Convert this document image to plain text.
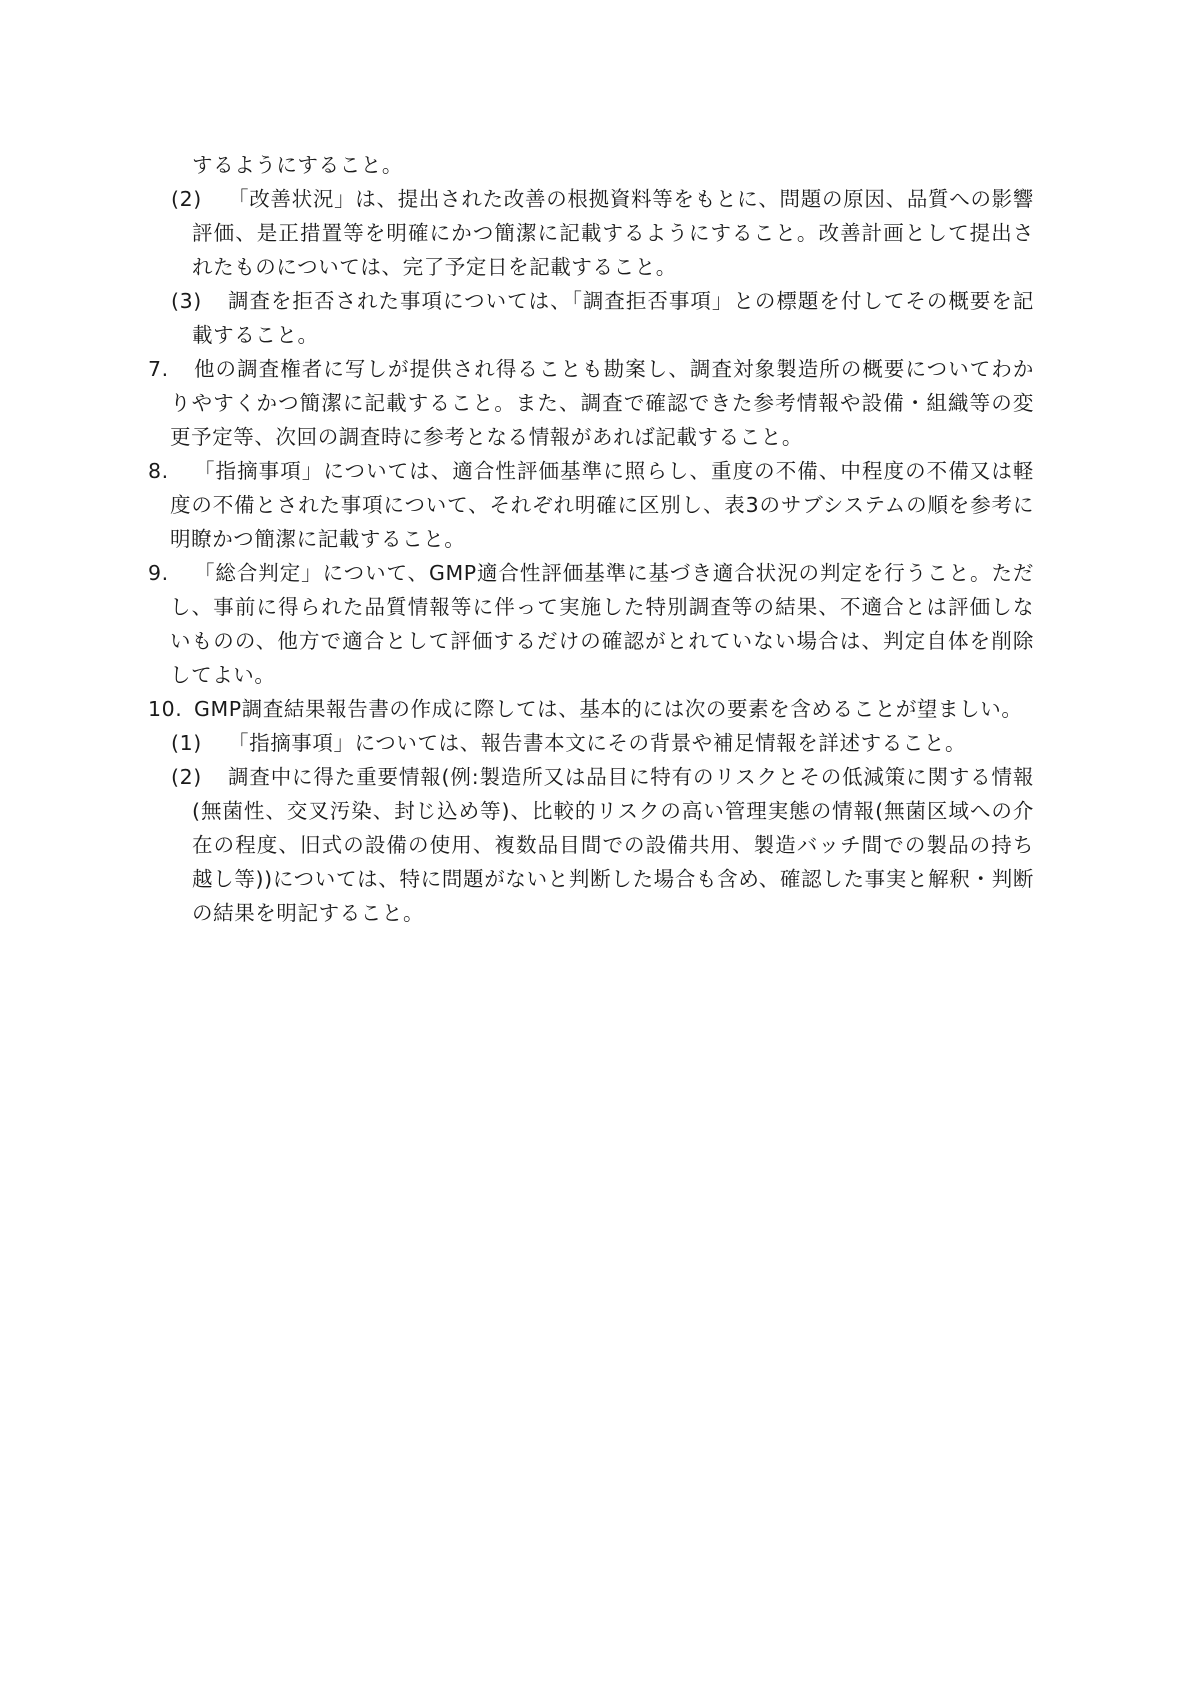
するようにすること。

(2)	「改善状況」は、提出された改善の根拠資料等をもとに、問題の原因、品質への影響評価、是正措置等を明確にかつ簡潔に記載するようにすること。改善計画として提出されたものについては、完了予定日を記載すること。
(3)	調査を拒否された事項については、「調査拒否事項」との標題を付してその概要を記載すること。
7.	他の調査権者に写しが提供され得ることも勘案し、調査対象製造所の概要についてわかりやすくかつ簡潔に記載すること。また、調査で確認できた参考情報や設備・組織等の変更予定等、次回の調査時に参考となる情報があれば記載すること。
8.	「指摘事項」については、適合性評価基準に照らし、重度の不備、中程度の不備又は軽度の不備とされた事項について、それぞれ明確に区別し、表3のサブシステムの順を参考に明瞭かつ簡潔に記載すること。
9.	「総合判定」について、GMP適合性評価基準に基づき適合状況の判定を行うこと。ただし、事前に得られた品質情報等に伴って実施した特別調査等の結果、不適合とは評価しないものの、他方で適合として評価するだけの確認がとれていない場合は、判定自体を削除してよい。
10. GMP調査結果報告書の作成に際しては、基本的には次の要素を含めることが望ましい。
(1)	「指摘事項」については、報告書本文にその背景や補足情報を詳述すること。
(2)	調査中に得た重要情報(例:製造所又は品目に特有のリスクとその低減策に関する情報(無菌性、交叉汚染、封じ込め等)、比較的リスクの高い管理実態の情報(無菌区域への介在の程度、旧式の設備の使用、複数品目間での設備共用、製造バッチ間での製品の持ち越し等))については、特に問題がないと判断した場合も含め、確認した事実と解釈・判断の結果を明記すること。
